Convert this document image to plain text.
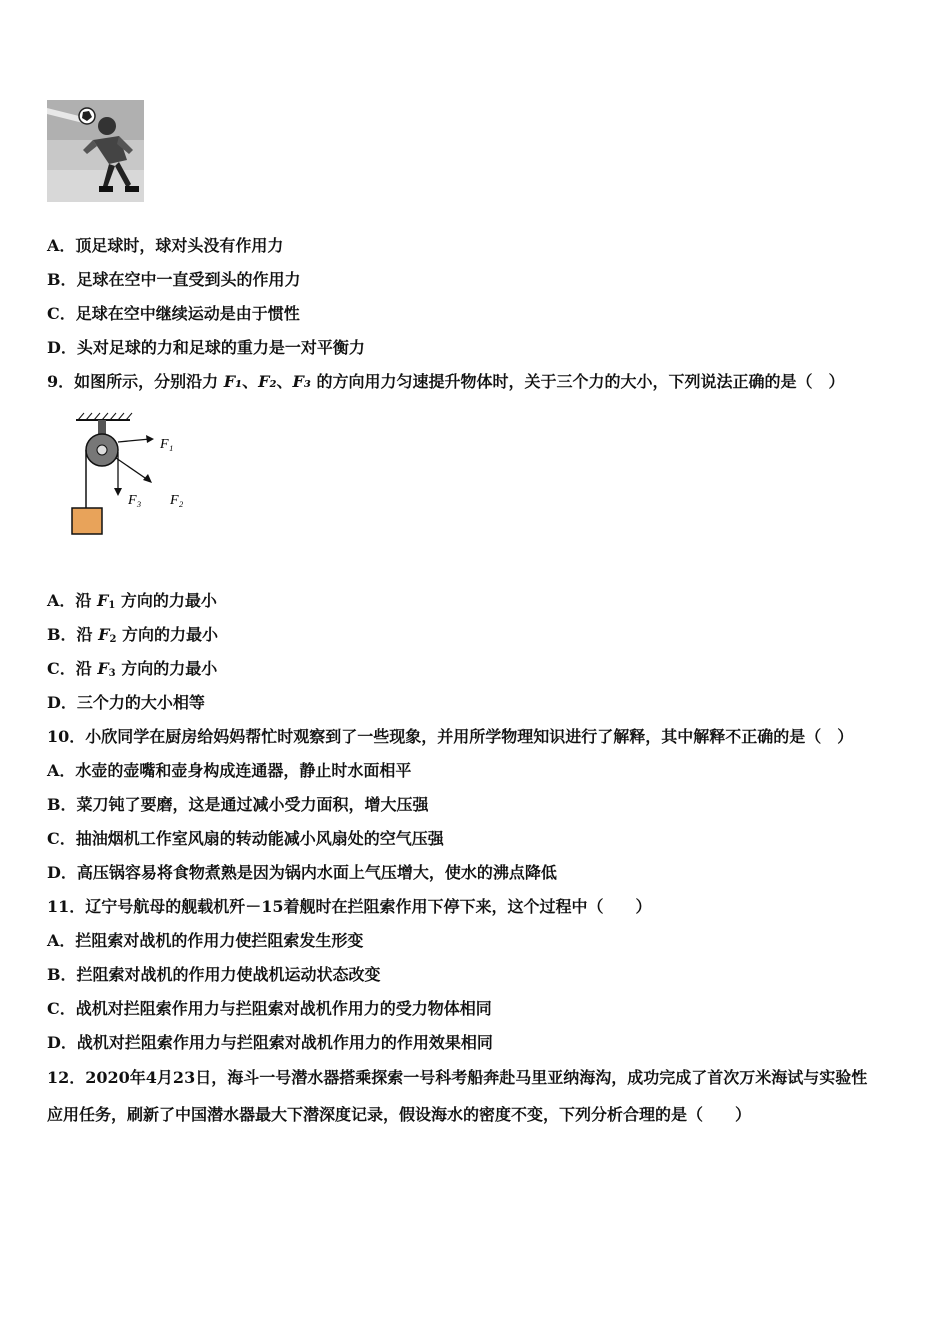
A．顶足球时，球对头没有作用力
B．足球在空中一直受到头的作用力
C．足球在空中继续运动是由于惯性
D．头对足球的力和足球的重力是一对平衡力
9．如图所示，分别沿力 F₁、F₂、F₃ 的方向用力匀速提升物体时，关于三个力的大小，下列说法正确的是（　）
F₁
F₃ F₂
A．沿 $F_1$ 方向的力最小
B．沿 $F_2$ 方向的力最小
C．沿 $F_3$ 方向的力最小
D．三个力的大小相等
10．小欣同学在厨房给妈妈帮忙时观察到了一些现象，并用所学物理知识进行了解释，其中解释不正确的是（　）
A．水壶的壶嘴和壶身构成连通器，静止时水面相平
B．菜刀钝了要磨，这是通过减小受力面积，增大压强
C．抽油烟机工作室风扇的转动能减小风扇处的空气压强
D．高压锅容易将食物煮熟是因为锅内水面上气压增大，使水的沸点降低
11．辽宁号航母的舰载机歼－15着舰时在拦阻索作用下停下来，这个过程中（　　）
A．拦阻索对战机的作用力使拦阻索发生形变
B．拦阻索对战机的作用力使战机运动状态改变
C．战机对拦阻索作用力与拦阻索对战机作用力的受力物体相同
D．战机对拦阻索作用力与拦阻索对战机作用力的作用效果相同
12．2020年4月23日，海斗一号潜水器搭乘探索一号科考船奔赴马里亚纳海沟，成功完成了首次万米海试与实验性
应用任务，刷新了中国潜水器最大下潜深度记录，假设海水的密度不变，下列分析合理的是（　　）
